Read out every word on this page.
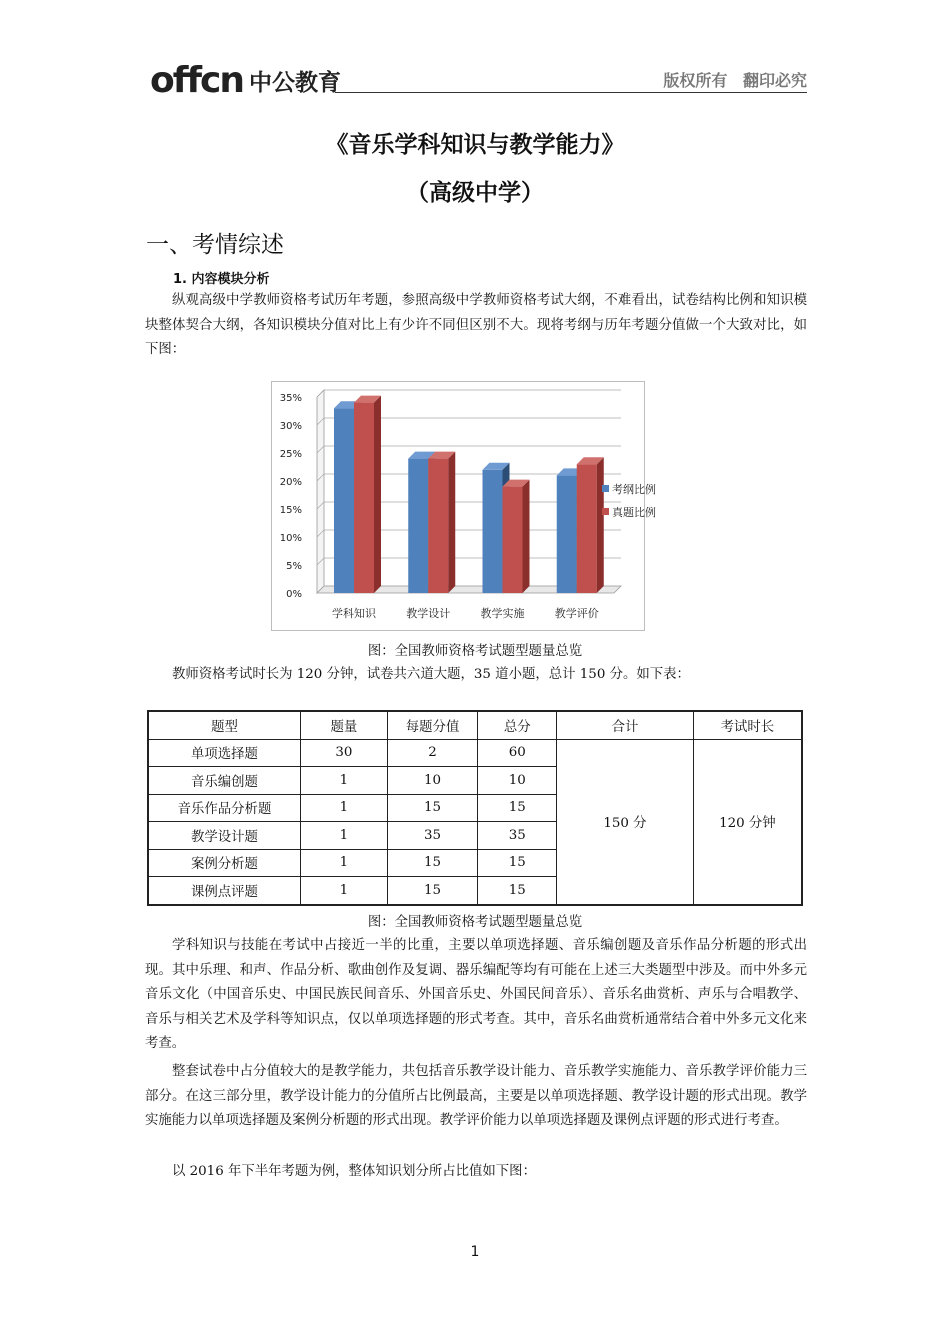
offcn 中公教育	版权所有 翻印必究
《音乐学科知识与教学能力》
（高级中学）
一、考情综述
1. 内容模块分析

纵观高级中学教师资格考试历年考题，参照高级中学教师资格考试大纲，不难看出，试卷结构比例和知识模块整体契合大纲，各知识模块分值对比上有少许不同但区别不大。现将考纲与历年考题分值做一个大致对比，如下图：

0%
5%
10%
15%
20%
25%
30%
35%
学科知识	教学设计	教学实施	教学评价
考纲比例
真题比例
图：全国教师资格考试题型题量总览

教师资格考试时长为 120 分钟，试卷共六道大题，35 道小题，总计 150 分。如下表：

题型	题量	每题分值	总分	合计	考试时长
单项选择题	30	2	60	150 分	120 分钟
音乐编创题	1	10	10		
音乐作品分析题	1	15	15		
教学设计题	1	35	35		
案例分析题	1	15	15		
课例点评题	1	15	15		
图：全国教师资格考试题型题量总览

学科知识与技能在考试中占接近一半的比重，主要以单项选择题、音乐编创题及音乐作品分析题的形式出现。其中乐理、和声、作品分析、歌曲创作及复调、器乐编配等均有可能在上述三大类题型中涉及。而中外多元音乐文化（中国音乐史、中国民族民间音乐、外国音乐史、外国民间音乐）、音乐名曲赏析、声乐与合唱教学、音乐与相关艺术及学科等知识点，仅以单项选择题的形式考查。其中，音乐名曲赏析通常结合着中外多元文化来考查。

整套试卷中占分值较大的是教学能力，共包括音乐教学设计能力、音乐教学实施能力、音乐教学评价能力三部分。在这三部分里，教学设计能力的分值所占比例最高，主要是以单项选择题、教学设计题的形式出现。教学实施能力以单项选择题及案例分析题的形式出现。教学评价能力以单项选择题及课例点评题的形式进行考查。

以 2016 年下半年考题为例，整体知识划分所占比值如下图：

1
